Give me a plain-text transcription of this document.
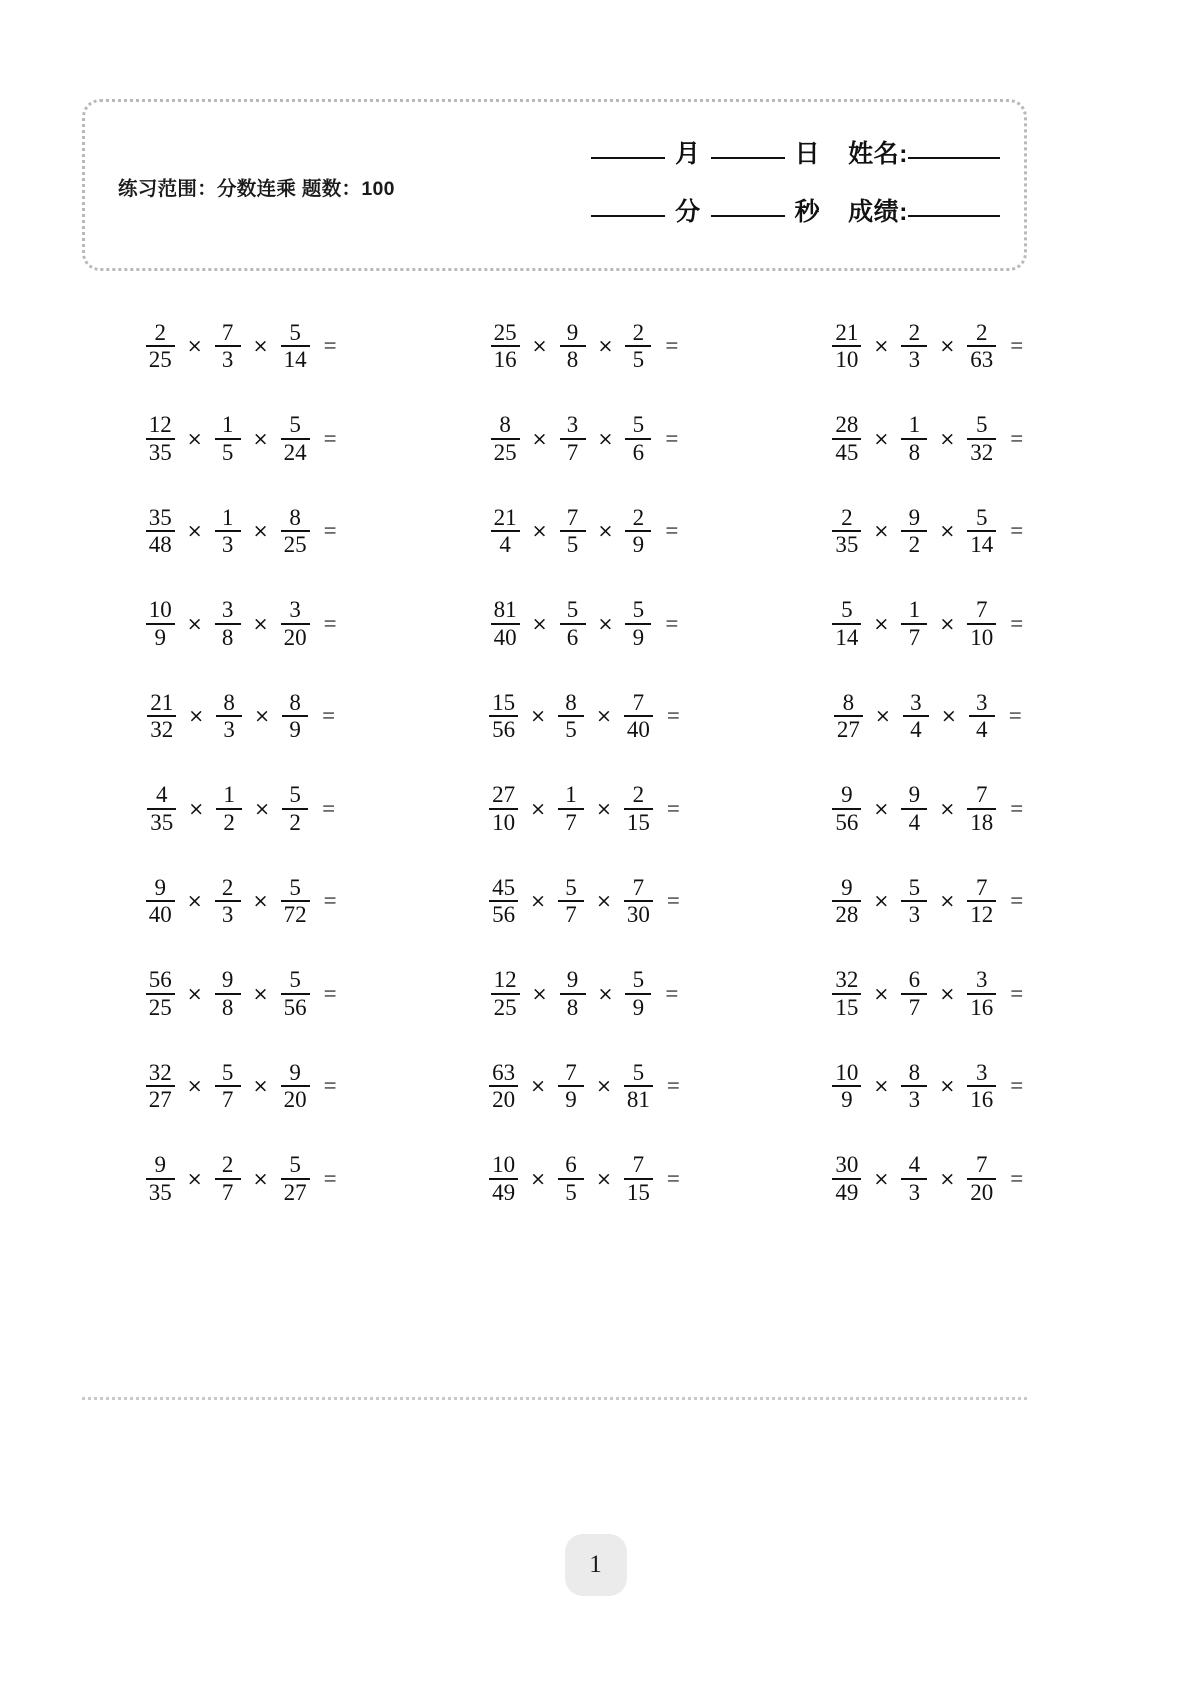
练习范围：分数连乘 题数：100
月	日 姓名:
分	秒 成绩:
$\frac{2}{25} \times \frac{7}{3} \times \frac{5}{14}$ =	$\frac{25}{16} \times \frac{9}{8} \times \frac{2}{5}$ =	$\frac{21}{10} \times \frac{2}{3} \times \frac{2}{63}$ =
$\frac{12}{35} \times \frac{1}{5} \times \frac{5}{24}$ =	$\frac{8}{25} \times \frac{3}{7} \times \frac{5}{6}$ =	$\frac{28}{45} \times \frac{1}{8} \times \frac{5}{32}$ =
$\frac{35}{48} \times \frac{1}{3} \times \frac{8}{25}$ =	$\frac{21}{4} \times \frac{7}{5} \times \frac{2}{9}$ =	$\frac{2}{35} \times \frac{9}{2} \times \frac{5}{14}$ =
$\frac{10}{9} \times \frac{3}{8} \times \frac{3}{20}$ =	$\frac{81}{40} \times \frac{5}{6} \times \frac{5}{9}$ =	$\frac{5}{14} \times \frac{1}{7} \times \frac{7}{10}$ =
$\frac{21}{32} \times \frac{8}{3} \times \frac{8}{9}$ =	$\frac{15}{56} \times \frac{8}{5} \times \frac{7}{40}$ =	$\frac{8}{27} \times \frac{3}{4} \times \frac{3}{4}$ =
$\frac{4}{35} \times \frac{1}{2} \times \frac{5}{2}$ =	$\frac{27}{10} \times \frac{1}{7} \times \frac{2}{15}$ =	$\frac{9}{56} \times \frac{9}{4} \times \frac{7}{18}$ =
$\frac{9}{40} \times \frac{2}{3} \times \frac{5}{72}$ =	$\frac{45}{56} \times \frac{5}{7} \times \frac{7}{30}$ =	$\frac{9}{28} \times \frac{5}{3} \times \frac{7}{12}$ =
$\frac{56}{25} \times \frac{9}{8} \times \frac{5}{56}$ =	$\frac{12}{25} \times \frac{9}{8} \times \frac{5}{9}$ =	$\frac{32}{15} \times \frac{6}{7} \times \frac{3}{16}$ =
$\frac{32}{27} \times \frac{5}{7} \times \frac{9}{20}$ =	$\frac{63}{20} \times \frac{7}{9} \times \frac{5}{81}$ =	$\frac{10}{9} \times \frac{8}{3} \times \frac{3}{16}$ =
$\frac{9}{35} \times \frac{2}{7} \times \frac{5}{27}$ =	$\frac{10}{49} \times \frac{6}{5} \times \frac{7}{15}$ =	$\frac{30}{49} \times \frac{4}{3} \times \frac{7}{20}$ =
1
